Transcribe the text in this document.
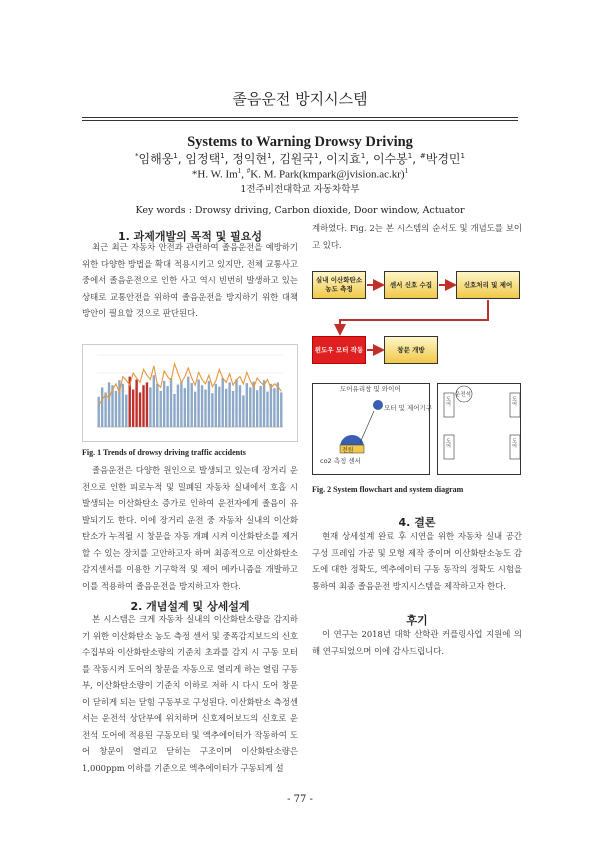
졸음운전 방지시스템
Systems to Warning Drowsy Driving
*임해웅$^1$, 임정택$^1$, 정익현$^1$, 김원국$^1$, 이지효$^1$, 이수봉$^1$, #박경민$^1$
*H. W. Im$^1$, #K. M. Park(kmpark@jvision.ac.kr)$^1$
1전주비전대학교 자동차학부
Key words : Drowsy driving, Carbon dioxide, Door window, Actuator
1. 과제개발의 목적 및 필요성
최근 최근 자동차 안전과 관련하여 졸음운전을 예방하기 위한 다양한 방법을 확대 적용시키고 있지만, 전체 교통사고 중에서 졸음운전으로 인한 사고 역시 빈번히 발생하고 있는 상태로 교통안전을 위하여 졸음운전을 방지하기 위한 대책 방안이 필요할 것으로 판단된다.
Fig. 1 Trends of drowsy driving traffic accidents
졸음운전은 다양한 원인으로 발생되고 있는데 장거리 운전으로 인한 피로누적 및 밀폐된 자동차 실내에서 호흡 시 발생되는 이산화탄소 증가로 인하여 운전자에게 졸음이 유발되기도 한다. 이에 장거리 운전 중 자동차 실내의 이산화탄소가 누적될 시 창문을 자동 개폐 시켜 이산화탄소를 제거할 수 있는 장치를 고안하고자 하며 최종적으로 이산화탄소 감지센서를 이용한 기구학적 및 제어 메카니즘을 개발하고 이를 적용하여 졸음운전을 방지하고자 한다.
2. 개념설계 및 상세설계
본 시스템은 크게 자동차 실내의 이산화탄소량을 감지하기 위한 이산화탄소 농도 측정 센서 및 중폭감지보드의 신호수집부와 이산화탄소량의 기준치 초과를 감지 시 구동 모터를 작동시켜 도어의 창문을 자동으로 열리게 하는 열림 구동부, 이산화탄소량이 기준치 이하로 저하 시 다시 도어 창문이 닫히게 되는 닫힘 구동부로 구성된다. 이산화탄소 측정센서는 운전석 상단부에 위치하며 신호제어보드의 신호로 운전석 도어에 적용된 구동모터 및 엑추에이터가 작동하여 도어 창문이 열리고 닫히는 구조이며 이산화탄소량은 1,000ppm 이하를 기준으로 엑추에이터가 구동되게 설
계하였다. Fig. 2는 본 시스템의 순서도 및 개념도를 보이고 있다.
실내 이산화탄소
농도 측정
센서 신호 수집	신호처리 및 제어
윈도우 모터 작동	창문 개방
도어유리창 및 와이어
모터 및 제어기구
전원
co2 측정 센서
운전석
도어	도어
도어	도어
Fig. 2 System flowchart and system diagram
4. 결론
현재 상세설계 완료 후 시연을 위한 자동차 실내 공간 구성 프레임 가공 및 모형 제작 중이며 이산화탄소농도 감도에 대한 정확도, 엑추에이터 구동 동작의 정확도 시험을 통하여 최종 졸음운전 방지시스템을 제작하고자 한다.
후기
이 연구는 2018년 대학 산학관 커플링사업 지원에 의해 연구되었으며 이에 감사드립니다.
- 77 -
